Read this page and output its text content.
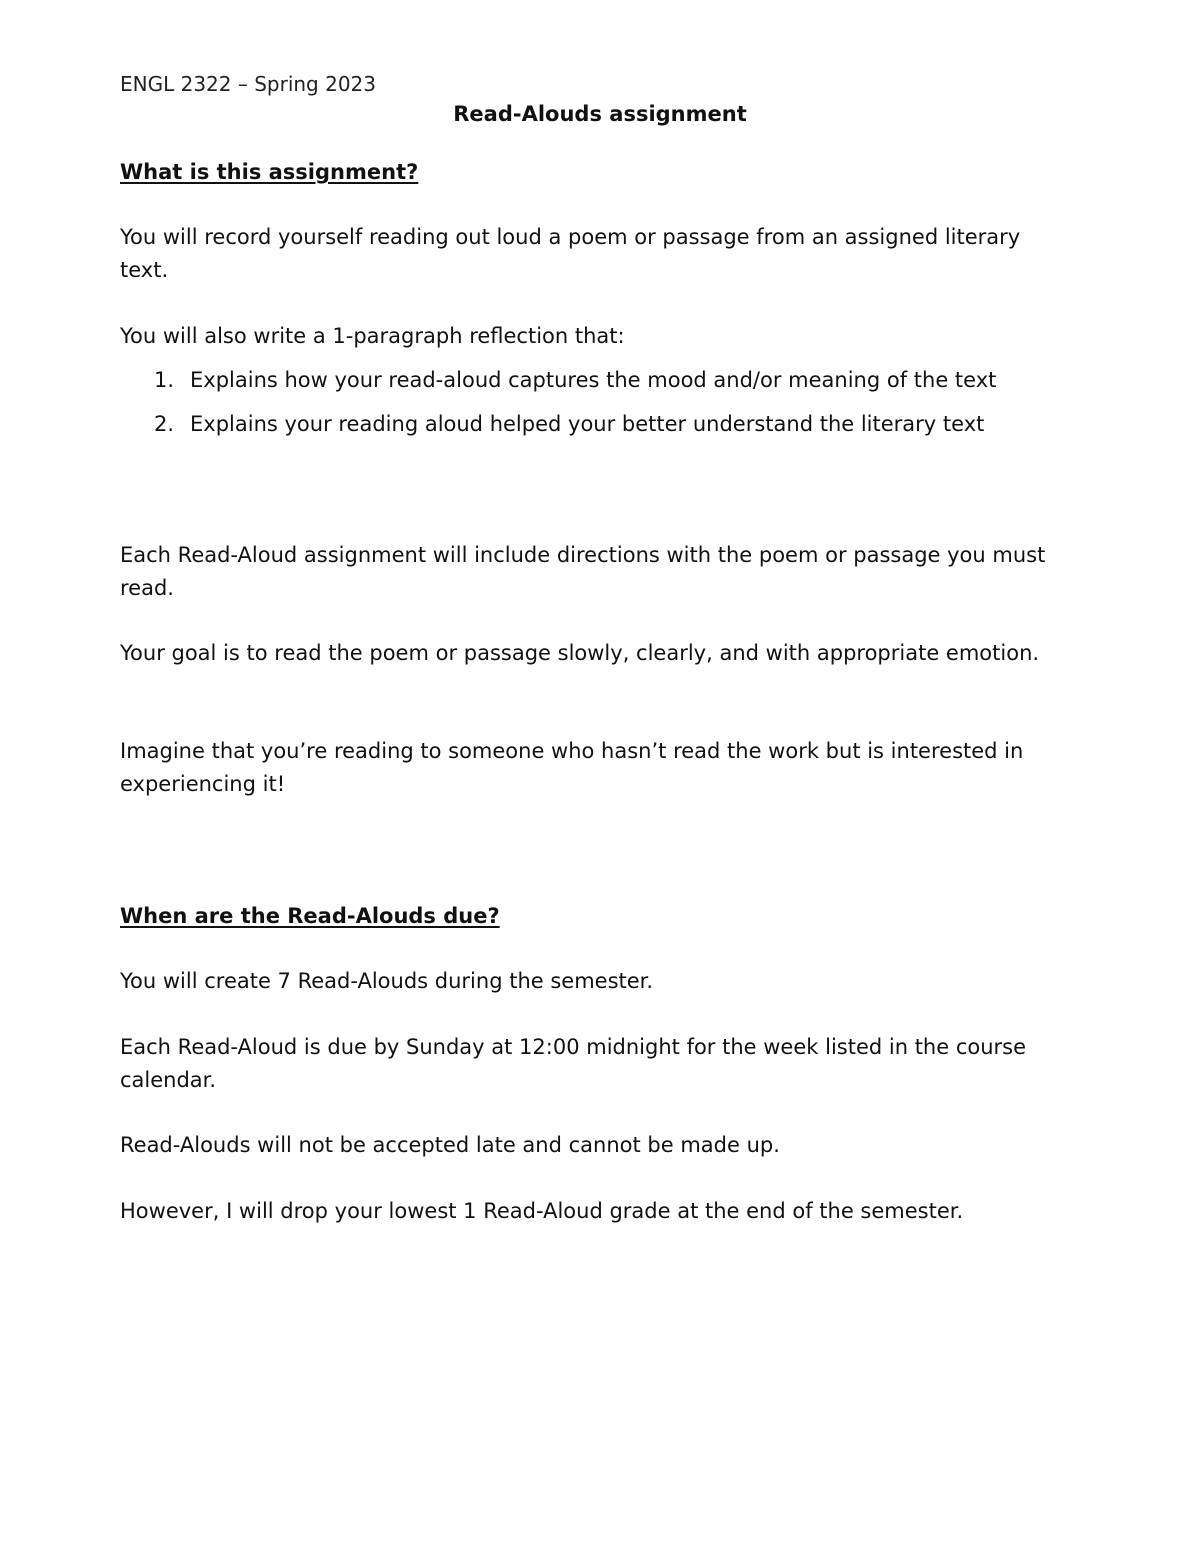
ENGL 2322 – Spring 2023
Read-Alouds assignment
What is this assignment?

You will record yourself reading out loud a poem or passage from an assigned literary text.

You will also write a 1-paragraph reflection that:

1. Explains how your read-aloud captures the mood and/or meaning of the text
2. Explains your reading aloud helped your better understand the literary text

Each Read-Aloud assignment will include directions with the poem or passage you must read.

Your goal is to read the poem or passage slowly, clearly, and with appropriate emotion.

Imagine that you’re reading to someone who hasn’t read the work but is interested in experiencing it!

When are the Read-Alouds due?

You will create 7 Read-Alouds during the semester.

Each Read-Aloud is due by Sunday at 12:00 midnight for the week listed in the course calendar.

Read-Alouds will not be accepted late and cannot be made up.

However, I will drop your lowest 1 Read-Aloud grade at the end of the semester.
